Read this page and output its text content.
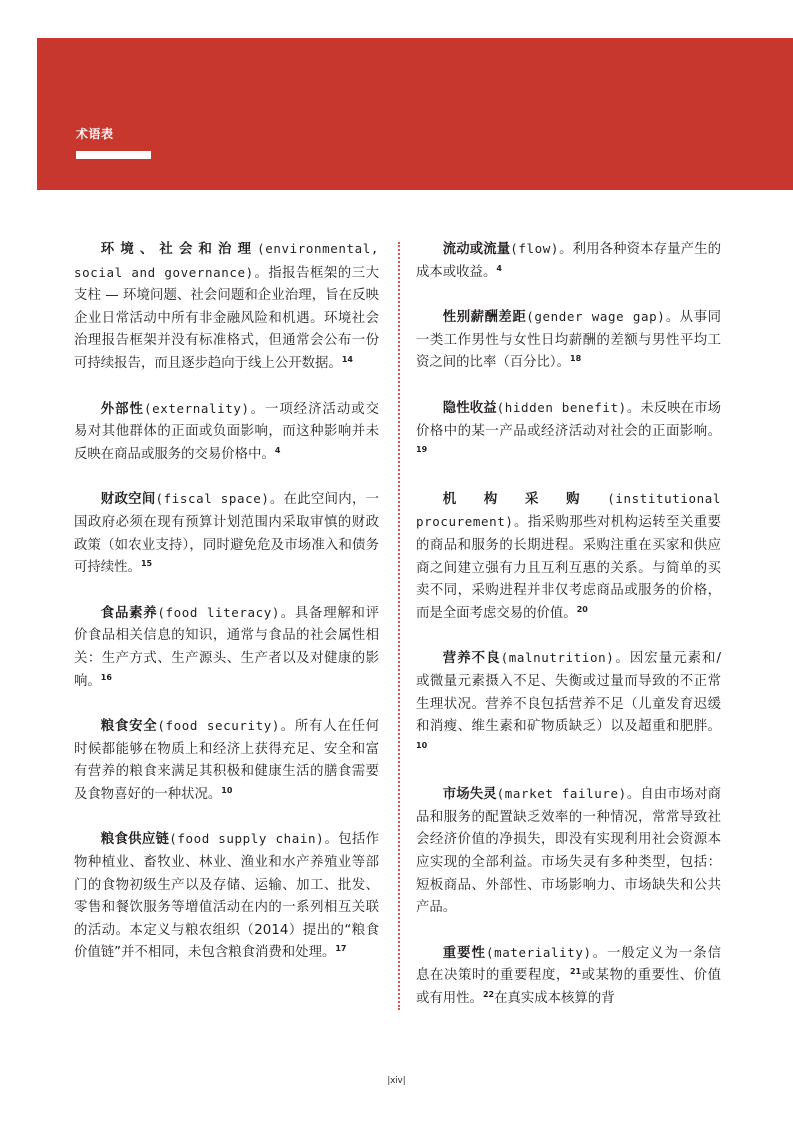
术语表

环境、社会和治理(environmental, social and governance)。指报告框架的三大支柱 — 环境问题、社会问题和企业治理，旨在反映企业日常活动中所有非金融风险和机遇。环境社会治理报告框架并没有标准格式，但通常会公布一份可持续报告，而且逐步趋向于线上公开数据。$^{14}$

外部性(externality)。一项经济活动或交易对其他群体的正面或负面影响，而这种影响并未反映在商品或服务的交易价格中。$^4$

财政空间(fiscal space)。在此空间内，一国政府必须在现有预算计划范围内采取审慎的财政政策（如农业支持），同时避免危及市场准入和债务可持续性。$^{15}$

食品素养(food literacy)。具备理解和评价食品相关信息的知识，通常与食品的社会属性相关：生产方式、生产源头、生产者以及对健康的影响。$^{16}$

粮食安全(food security)。所有人在任何时候都能够在物质上和经济上获得充足、安全和富有营养的粮食来满足其积极和健康生活的膳食需要及食物喜好的一种状况。$^{10}$

粮食供应链(food supply chain)。包括作物种植业、畜牧业、林业、渔业和水产养殖业等部门的食物初级生产以及存储、运输、加工、批发、零售和餐饮服务等增值活动在内的一系列相互关联的活动。本定义与粮农组织（2014）提出的“粮食价值链”并不相同，未包含粮食消费和处理。$^{17}$

流动或流量(flow)。利用各种资本存量产生的成本或收益。$^4$

性别薪酬差距(gender wage gap)。从事同一类工作男性与女性日均薪酬的差额与男性平均工资之间的比率（百分比）。$^{18}$

隐性收益(hidden benefit)。未反映在市场价格中的某一产品或经济活动对社会的正面影响。$^{19}$

机构采购(institutional procurement)。指采购那些对机构运转至关重要的商品和服务的长期进程。采购注重在买家和供应商之间建立强有力且互利互惠的关系。与简单的买卖不同，采购进程并非仅考虑商品或服务的价格，而是全面考虑交易的价值。$^{20}$

营养不良(malnutrition)。因宏量元素和/或微量元素摄入不足、失衡或过量而导致的不正常生理状况。营养不良包括营养不足（儿童发育迟缓和消瘦、维生素和矿物质缺乏）以及超重和肥胖。$^{10}$

市场失灵(market failure)。自由市场对商品和服务的配置缺乏效率的一种情况，常常导致社会经济价值的净损失，即没有实现利用社会资源本应实现的全部利益。市场失灵有多种类型，包括：短板商品、外部性、市场影响力、市场缺失和公共产品。

重要性(materiality)。一般定义为一条信息在决策时的重要程度，$^{21}$或某物的重要性、价值或有用性。$^{22}$在真实成本核算的背

|xiv|
